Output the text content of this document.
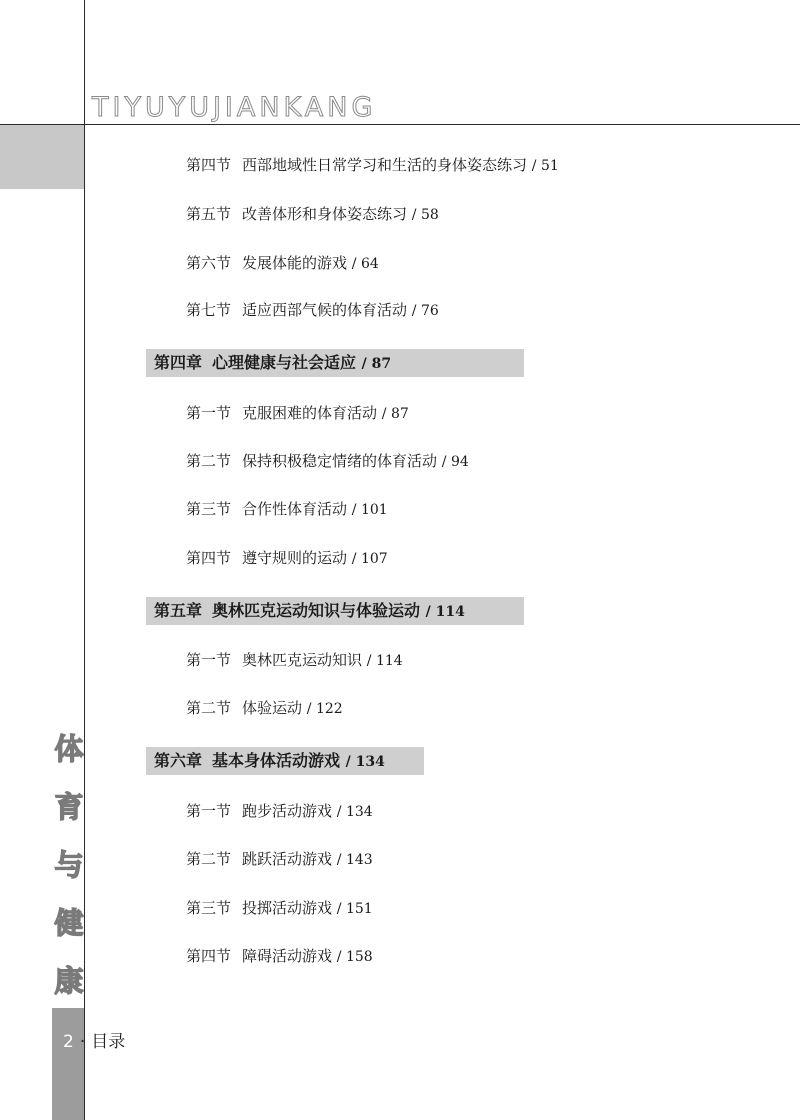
TIYUYUJIANKANG
体
育
与
健
康
2 · 目录
第四节 西部地域性日常学习和生活的身体姿态练习 / 51
第五节 改善体形和身体姿态练习 / 58
第六节 发展体能的游戏 / 64
第七节 适应西部气候的体育活动 / 76
第四章 心理健康与社会适应 / 87
第一节 克服困难的体育活动 / 87
第二节 保持积极稳定情绪的体育活动 / 94
第三节 合作性体育活动 / 101
第四节 遵守规则的运动 / 107
第五章 奥林匹克运动知识与体验运动 / 114
第一节 奥林匹克运动知识 / 114
第二节 体验运动 / 122
第六章 基本身体活动游戏 / 134
第一节 跑步活动游戏 / 134
第二节 跳跃活动游戏 / 143
第三节 投掷活动游戏 / 151
第四节 障碍活动游戏 / 158
